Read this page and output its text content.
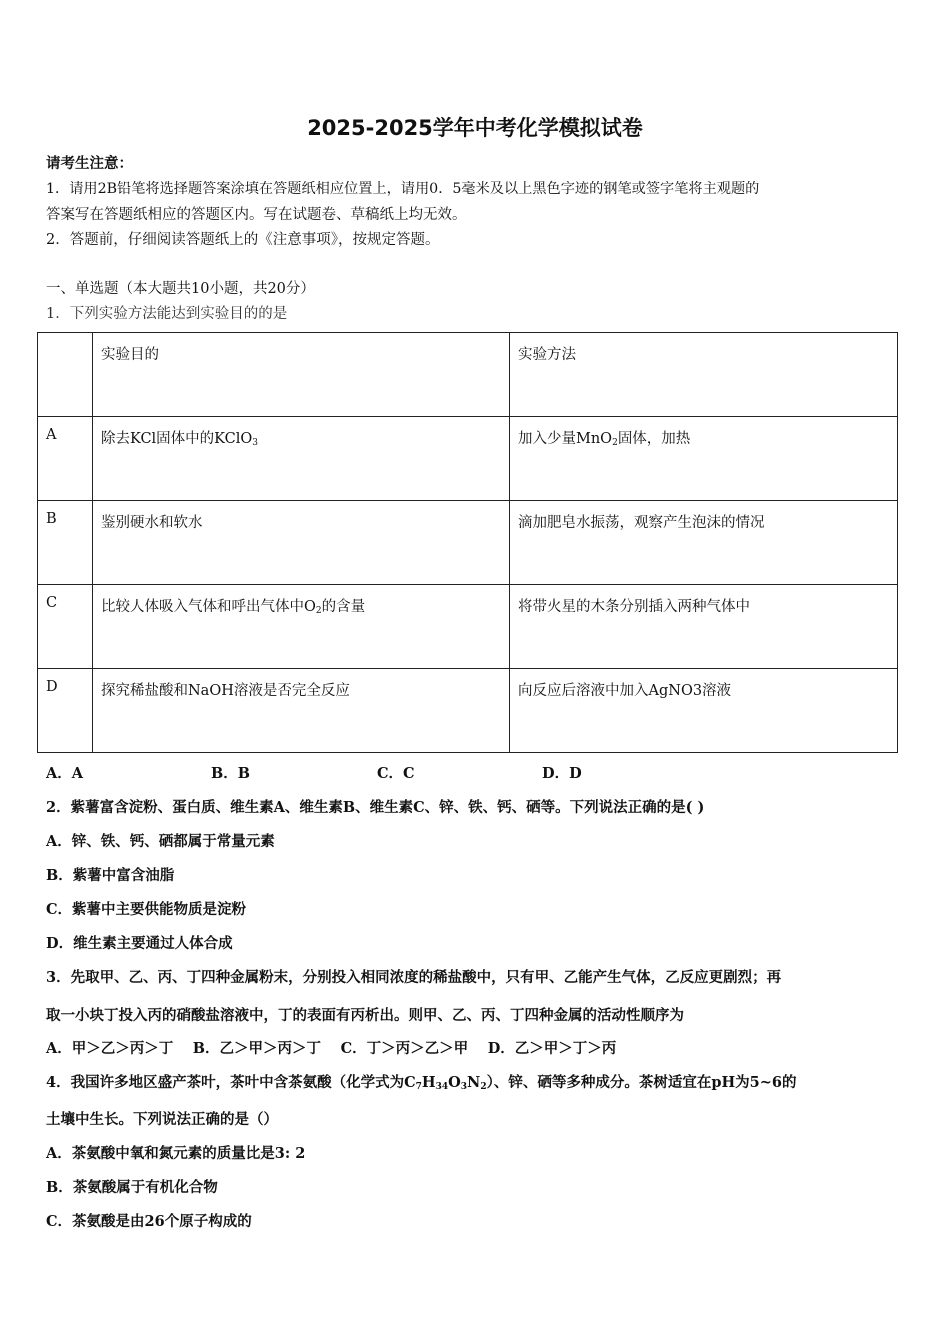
2025-2025学年中考化学模拟试卷
请考生注意：
1．请用2B铅笔将选择题答案涂填在答题纸相应位置上，请用0．5毫米及以上黑色字迹的钢笔或签字笔将主观题的
答案写在答题纸相应的答题区内。写在试题卷、草稿纸上均无效。
2．答题前，仔细阅读答题纸上的《注意事项》，按规定答题。
一、单选题（本大题共10小题，共20分）
1．下列实验方法能达到实验目的的是
	实验目的	实验方法
A	除去KCl固体中的KClO$_3$	加入少量MnO$_2$固体，加热
B	鉴别硬水和软水	滴加肥皂水振荡，观察产生泡沫的情况
C	比较人体吸入气体和呼出气体中$O_2$的含量	将带火星的木条分别插入两种气体中
D	探究稀盐酸和NaOH溶液是否完全反应	向反应后溶液中加入AgNO3溶液
A．A	B．B	C．C	D．D
2．紫薯富含淀粉、蛋白质、维生素A、维生素B、维生素C、锌、铁、钙、硒等。下列说法正确的是( )
A．锌、铁、钙、硒都属于常量元素
B．紫薯中富含油脂
C．紫薯中主要供能物质是淀粉
D．维生素主要通过人体合成
3．先取甲、乙、丙、丁四种金属粉末，分别投入相同浓度的稀盐酸中，只有甲、乙能产生气体，乙反应更剧烈；再
取一小块丁投入丙的硝酸盐溶液中，丁的表面有丙析出。则甲、乙、丙、丁四种金属的活动性顺序为
A．甲＞乙＞丙＞丁　 B．乙＞甲＞丙＞丁　 C．丁＞丙＞乙＞甲　 D．乙＞甲＞丁＞丙
4．我国许多地区盛产茶叶，茶叶中含茶氨酸（化学式为$C_7H_{34}O_3N_2$）、锌、硒等多种成分。茶树适宜在pH为5~6的
土壤中生长。下列说法正确的是（）
A．茶氨酸中氧和氮元素的质量比是3: 2
B．茶氨酸属于有机化合物
C．茶氨酸是由26个原子构成的
